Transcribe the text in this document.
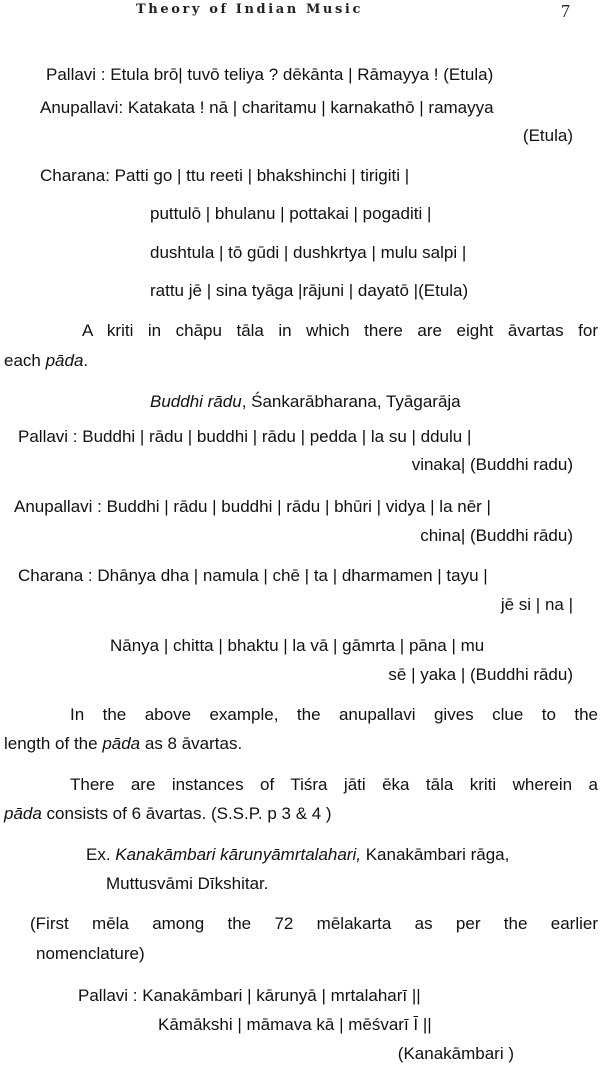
Theory of Indian Music	7
Pallavi : Etula brō| tuvō teliya ? dēkānta | Rāmayya ! (Etula)
Anupallavi: Katakata ! nā | charitamu | karnakathō | ramayya
(Etula)
Charana: Patti go | ttu reeti | bhakshinchi | tirigiti |
puttulō | bhulanu | pottakai | pogaditi |
dushtula | tō gūdi | dushkrtya | mulu salpi |
rattu jē | sina tyāga |rājuni | dayatō |(Etula)
A kriti in chāpu tāla in which there are eight āvartas for
each pāda.
Buddhi rādu, Śankarābharana, Tyāgarāja
Pallavi : Buddhi | rādu | buddhi | rādu | pedda | la su | ddulu |
vinaka| (Buddhi radu)
Anupallavi : Buddhi | rādu | buddhi | rādu | bhūri | vidya | la nēr |
china| (Buddhi rādu)
Charana : Dhānya dha | namula | chē | ta | dharmamen | tayu |
jē si | na |
Nānya | chitta | bhaktu | la vā | gāmrta | pāna | mu
sē | yaka | (Buddhi rādu)
In the above example, the anupallavi gives clue to the
length of the pāda as 8 āvartas.
There are instances of Tiśra jāti ēka tāla kriti wherein a
pāda consists of 6 āvartas. (S.S.P. p 3 & 4 )
Ex. Kanakāmbari kārunyāmrtalahari, Kanakāmbari rāga,
Muttusvāmi Dīkshitar.
(First mēla among the 72 mēlakarta as per the earlier
nomenclature)
Pallavi : Kanakāmbari | kārunyā | mrtalaharī ||
Kāmākshi | māmava kā | mēśvarī Ī ||
(Kanakāmbari )
